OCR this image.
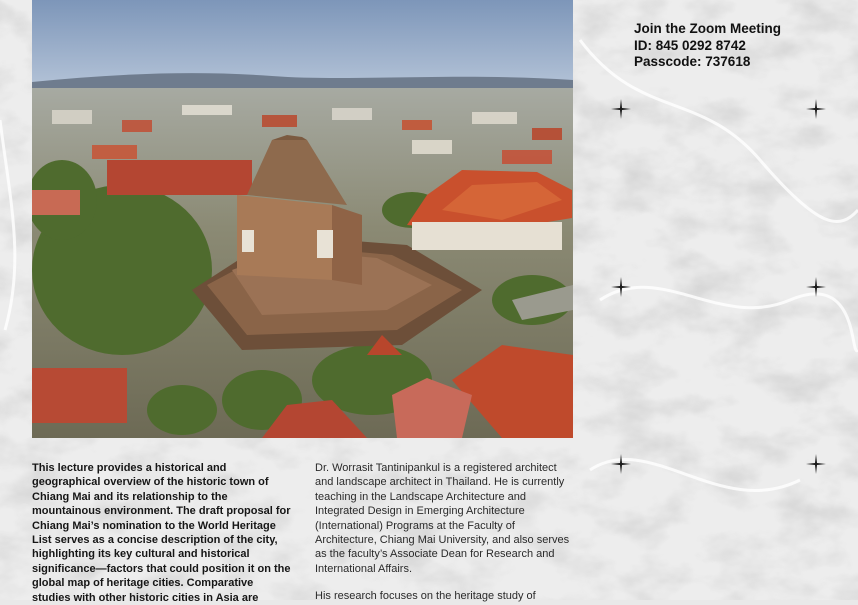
Join the Zoom Meeting
ID: 845 0292 8742
Passcode: 737618
This lecture provides a historical and geographical overview of the historic town of Chiang Mai and its relationship to the mountainous environment. The draft proposal for Chiang Mai’s nomination to the World Heritage List serves as a concise description of the city, highlighting its key cultural and historical significance—factors that could position it on the global map of heritage cities. Comparative studies with other historic cities in Asia are

Dr. Worrasit Tantinipankul is a registered architect and landscape architect in Thailand. He is currently teaching in the Landscape Architecture and Integrated Design in Emerging Architecture (International) Programs at the Faculty of Architecture, Chiang Mai University, and also serves as the faculty’s Associate Dean for Research and International Affairs.

His research focuses on the heritage study of
